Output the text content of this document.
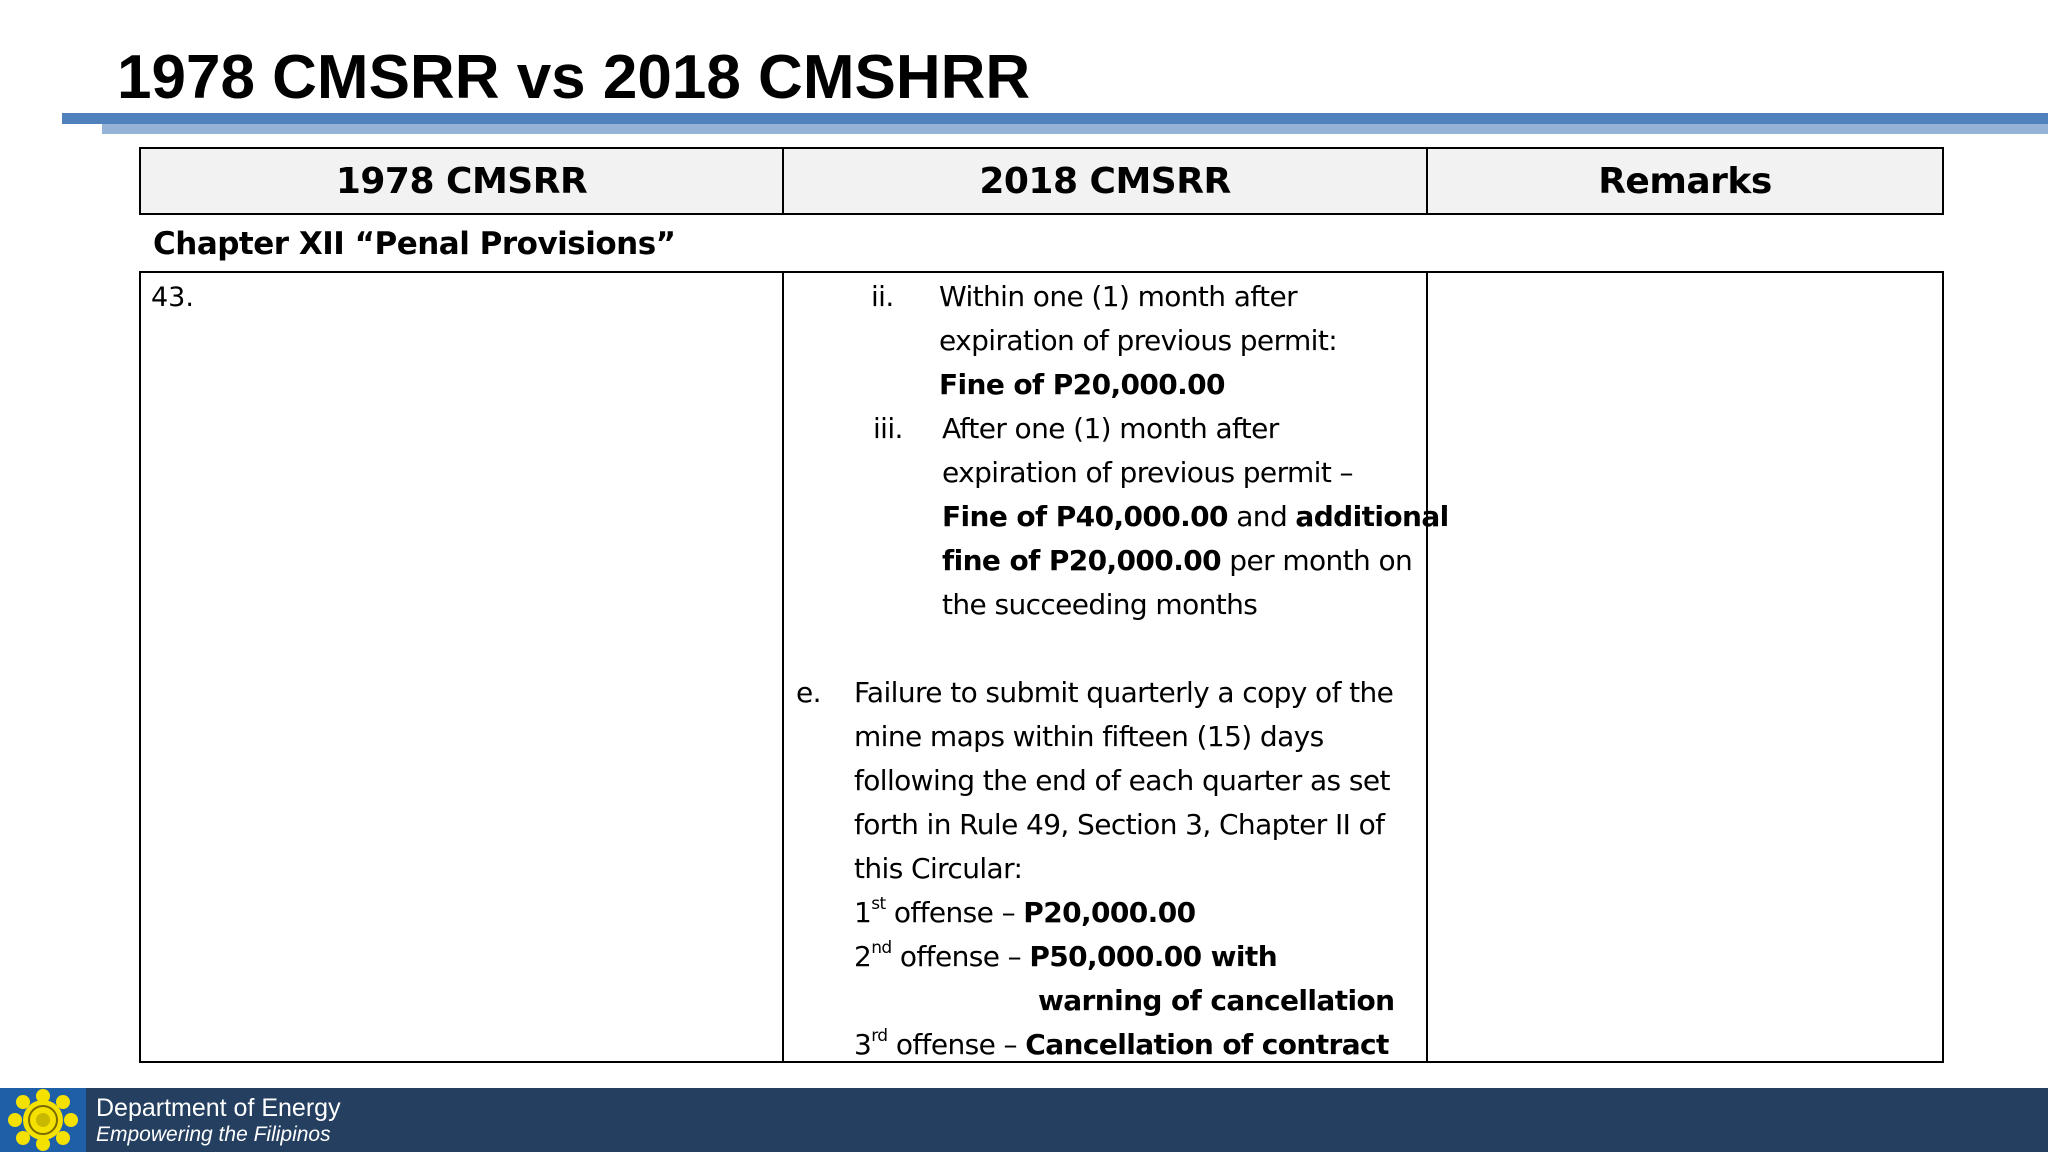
1978 CMSRR vs 2018 CMSHRR
1978 CMSRR	2018 CMSRR	Remarks
Chapter XII “Penal Provisions”
43.	ii. Within one (1) month after
expiration of previous permit:
Fine of P20,000.00
iii. After one (1) month after
expiration of previous permit –
Fine of P40,000.00 and additional
fine of P20,000.00 per month on
the succeeding months
e. Failure to submit quarterly a copy of the
mine maps within fifteen (15) days
following the end of each quarter as set
forth in Rule 49, Section 3, Chapter II of
this Circular:
1st offense – P20,000.00
2nd offense – P50,000.00 with
warning of cancellation
3rd offense – Cancellation of contract
Department of Energy
Empowering the Filipinos
